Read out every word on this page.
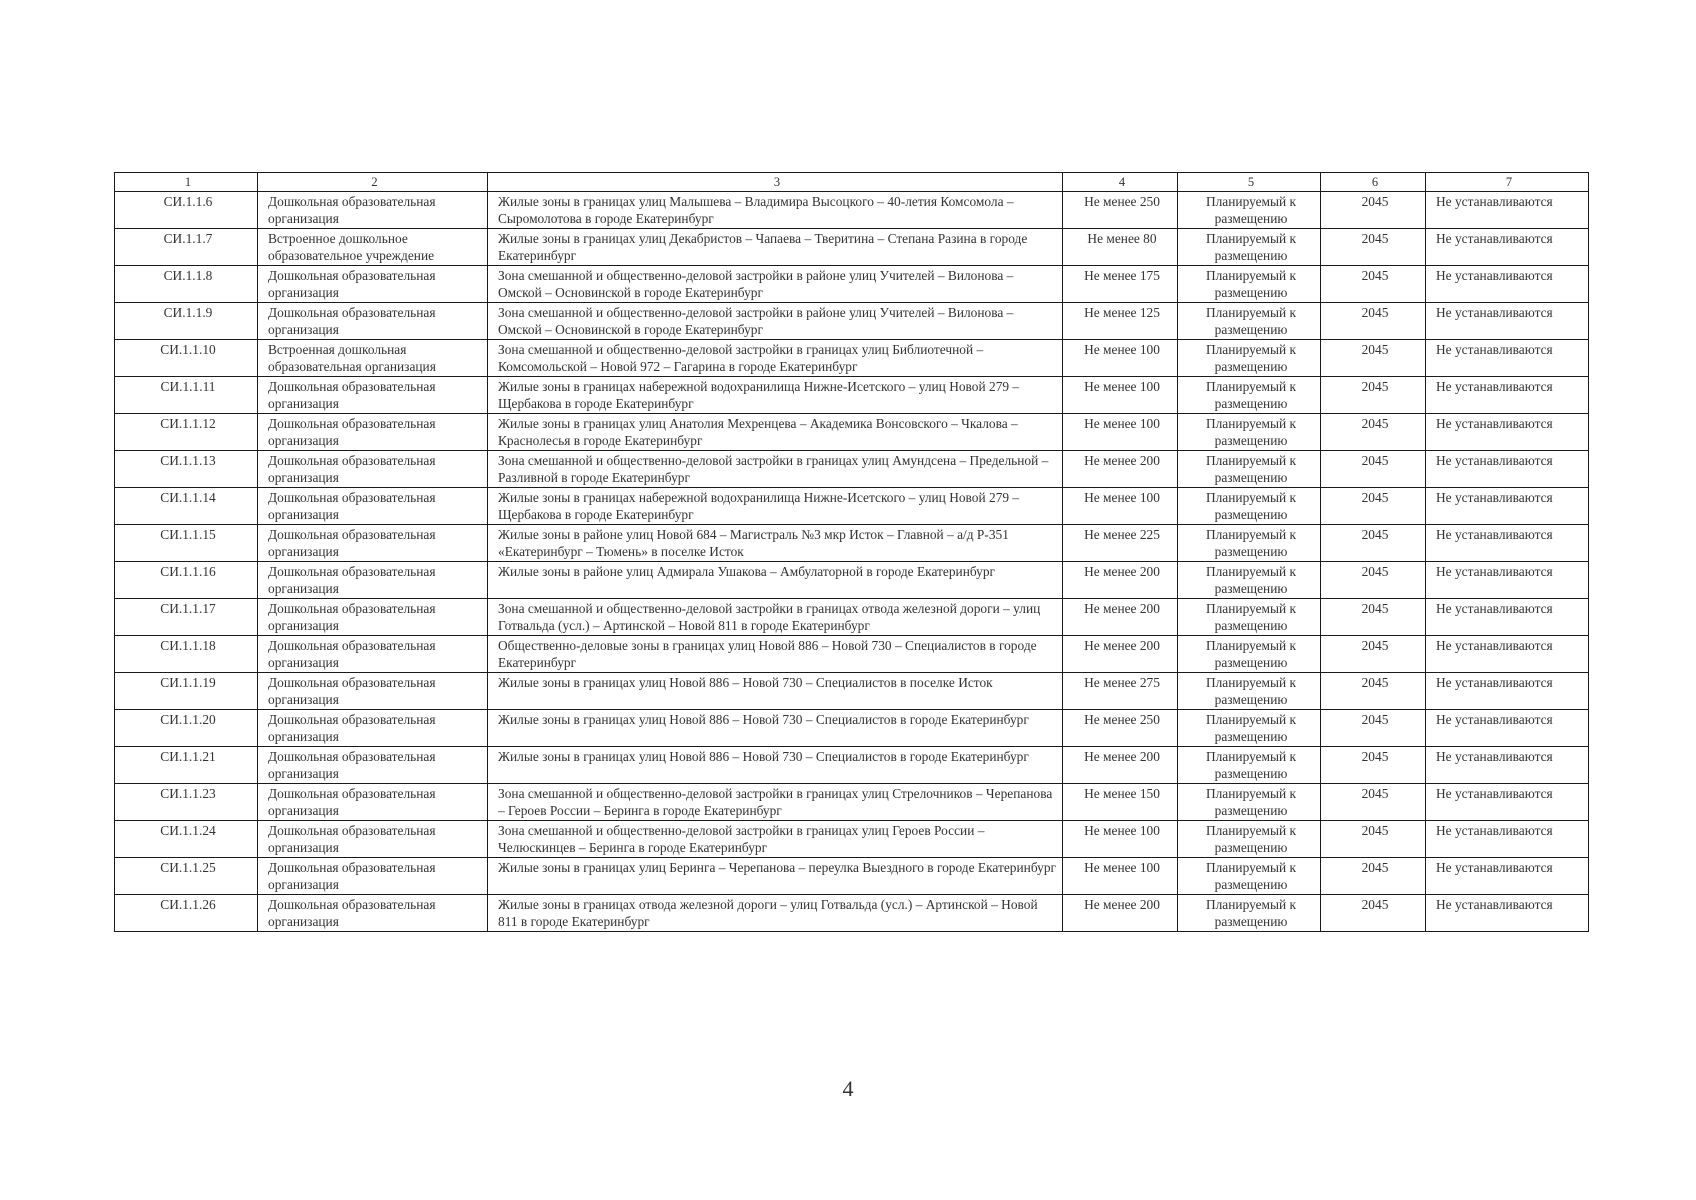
1	2	3	4	5	6	7
СИ.1.1.6	Дошкольная образовательная организация	Жилые зоны в границах улиц Малышева – Владимира Высоцкого – 40-летия Комсомола – Сыромолотова в городе Екатеринбург	Не менее 250	Планируемый к размещению	2045	Не устанавливаются
СИ.1.1.7	Встроенное дошкольное образовательное учреждение	Жилые зоны в границах улиц Декабристов – Чапаева – Тверитина – Степана Разина в городе Екатеринбург	Не менее 80	Планируемый к размещению	2045	Не устанавливаются
СИ.1.1.8	Дошкольная образовательная организация	Зона смешанной и общественно-деловой застройки в районе улиц Учителей – Вилонова – Омской – Основинской в городе Екатеринбург	Не менее 175	Планируемый к размещению	2045	Не устанавливаются
СИ.1.1.9	Дошкольная образовательная организация	Зона смешанной и общественно-деловой застройки в районе улиц Учителей – Вилонова – Омской – Основинской в городе Екатеринбург	Не менее 125	Планируемый к размещению	2045	Не устанавливаются
СИ.1.1.10	Встроенная дошкольная образовательная организация	Зона смешанной и общественно-деловой застройки в границах улиц Библиотечной – Комсомольской – Новой 972 – Гагарина в городе Екатеринбург	Не менее 100	Планируемый к размещению	2045	Не устанавливаются
СИ.1.1.11	Дошкольная образовательная организация	Жилые зоны в границах набережной водохранилища Нижне-Исетского – улиц Новой 279 – Щербакова в городе Екатеринбург	Не менее 100	Планируемый к размещению	2045	Не устанавливаются
СИ.1.1.12	Дошкольная образовательная организация	Жилые зоны в границах улиц Анатолия Мехренцева – Академика Вонсовского – Чкалова – Краснолесья в городе Екатеринбург	Не менее 100	Планируемый к размещению	2045	Не устанавливаются
СИ.1.1.13	Дошкольная образовательная организация	Зона смешанной и общественно-деловой застройки в границах улиц Амундсена – Предельной – Разливной в городе Екатеринбург	Не менее 200	Планируемый к размещению	2045	Не устанавливаются
СИ.1.1.14	Дошкольная образовательная организация	Жилые зоны в границах набережной водохранилища Нижне-Исетского – улиц Новой 279 – Щербакова в городе Екатеринбург	Не менее 100	Планируемый к размещению	2045	Не устанавливаются
СИ.1.1.15	Дошкольная образовательная организация	Жилые зоны в районе улиц Новой 684 – Магистраль №3 мкр Исток – Главной – а/д Р-351 «Екатеринбург – Тюмень» в поселке Исток	Не менее 225	Планируемый к размещению	2045	Не устанавливаются
СИ.1.1.16	Дошкольная образовательная организация	Жилые зоны в районе улиц Адмирала Ушакова – Амбулаторной в городе Екатеринбург	Не менее 200	Планируемый к размещению	2045	Не устанавливаются
СИ.1.1.17	Дошкольная образовательная организация	Зона смешанной и общественно-деловой застройки в границах отвода железной дороги – улиц Готвальда (усл.) – Артинской – Новой 811 в городе Екатеринбург	Не менее 200	Планируемый к размещению	2045	Не устанавливаются
СИ.1.1.18	Дошкольная образовательная организация	Общественно-деловые зоны в границах улиц Новой 886 – Новой 730 – Специалистов в городе Екатеринбург	Не менее 200	Планируемый к размещению	2045	Не устанавливаются
СИ.1.1.19	Дошкольная образовательная организация	Жилые зоны в границах улиц Новой 886 – Новой 730 – Специалистов в поселке Исток	Не менее 275	Планируемый к размещению	2045	Не устанавливаются
СИ.1.1.20	Дошкольная образовательная организация	Жилые зоны в границах улиц Новой 886 – Новой 730 – Специалистов в городе Екатеринбург	Не менее 250	Планируемый к размещению	2045	Не устанавливаются
СИ.1.1.21	Дошкольная образовательная организация	Жилые зоны в границах улиц Новой 886 – Новой 730 – Специалистов в городе Екатеринбург	Не менее 200	Планируемый к размещению	2045	Не устанавливаются
СИ.1.1.23	Дошкольная образовательная организация	Зона смешанной и общественно-деловой застройки в границах улиц Стрелочников – Черепанова – Героев России – Беринга в городе Екатеринбург	Не менее 150	Планируемый к размещению	2045	Не устанавливаются
СИ.1.1.24	Дошкольная образовательная организация	Зона смешанной и общественно-деловой застройки в границах улиц Героев России – Челюскинцев – Беринга в городе Екатеринбург	Не менее 100	Планируемый к размещению	2045	Не устанавливаются
СИ.1.1.25	Дошкольная образовательная организация	Жилые зоны в границах улиц Беринга – Черепанова – переулка Выездного в городе Екатеринбург	Не менее 100	Планируемый к размещению	2045	Не устанавливаются
СИ.1.1.26	Дошкольная образовательная организация	Жилые зоны в границах отвода железной дороги – улиц Готвальда (усл.) – Артинской – Новой 811 в городе Екатеринбург	Не менее 200	Планируемый к размещению	2045	Не устанавливаются
4
